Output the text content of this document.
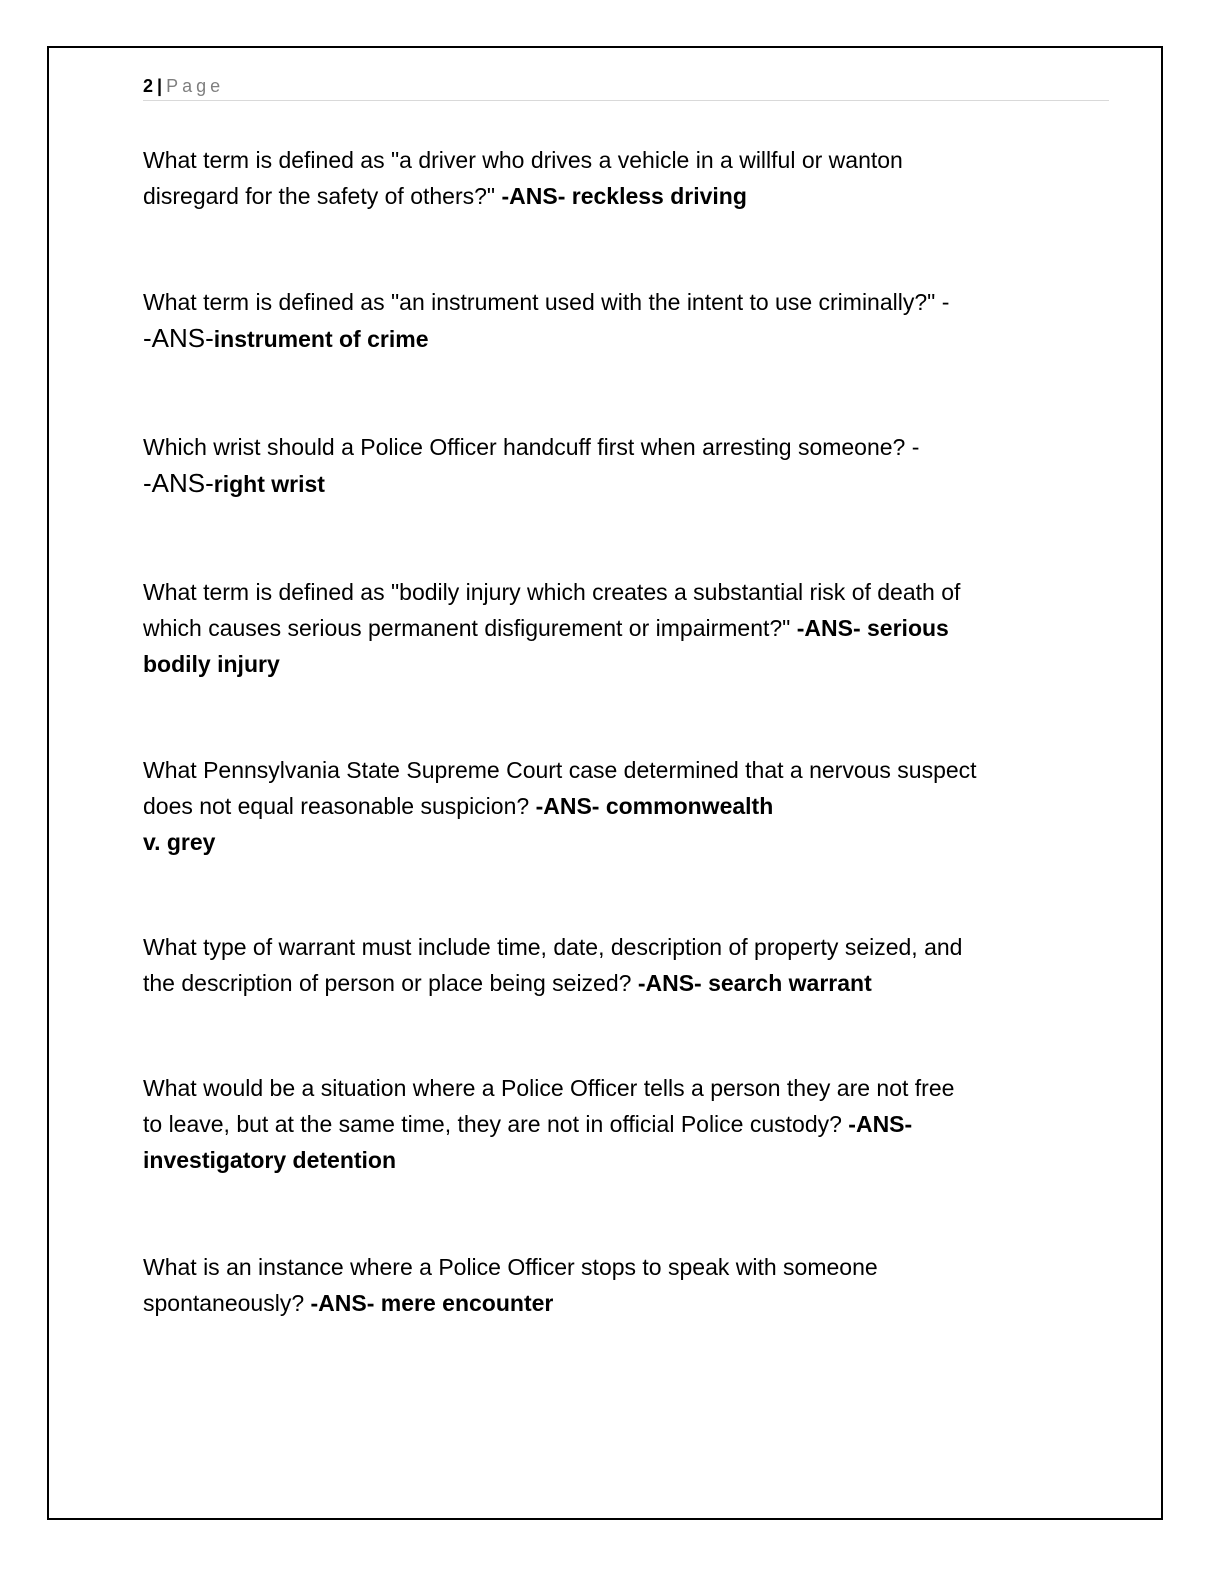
2 | Page

What term is defined as "a driver who drives a vehicle in a willful or wanton
disregard for the safety of others?" -ANS- reckless driving

What term is defined as "an instrument used with the intent to use criminally?" -
-ANS-instrument of crime

Which wrist should a Police Officer handcuff first when arresting someone? -
-ANS-right wrist

What term is defined as "bodily injury which creates a substantial risk of death of
which causes serious permanent disfigurement or impairment?" -ANS- serious
bodily injury

What Pennsylvania State Supreme Court case determined that a nervous suspect
does not equal reasonable suspicion? -ANS- commonwealth
v. grey

What type of warrant must include time, date, description of property seized, and
the description of person or place being seized? -ANS- search warrant

What would be a situation where a Police Officer tells a person they are not free
to leave, but at the same time, they are not in official Police custody? -ANS-
investigatory detention

What is an instance where a Police Officer stops to speak with someone
spontaneously? -ANS- mere encounter
